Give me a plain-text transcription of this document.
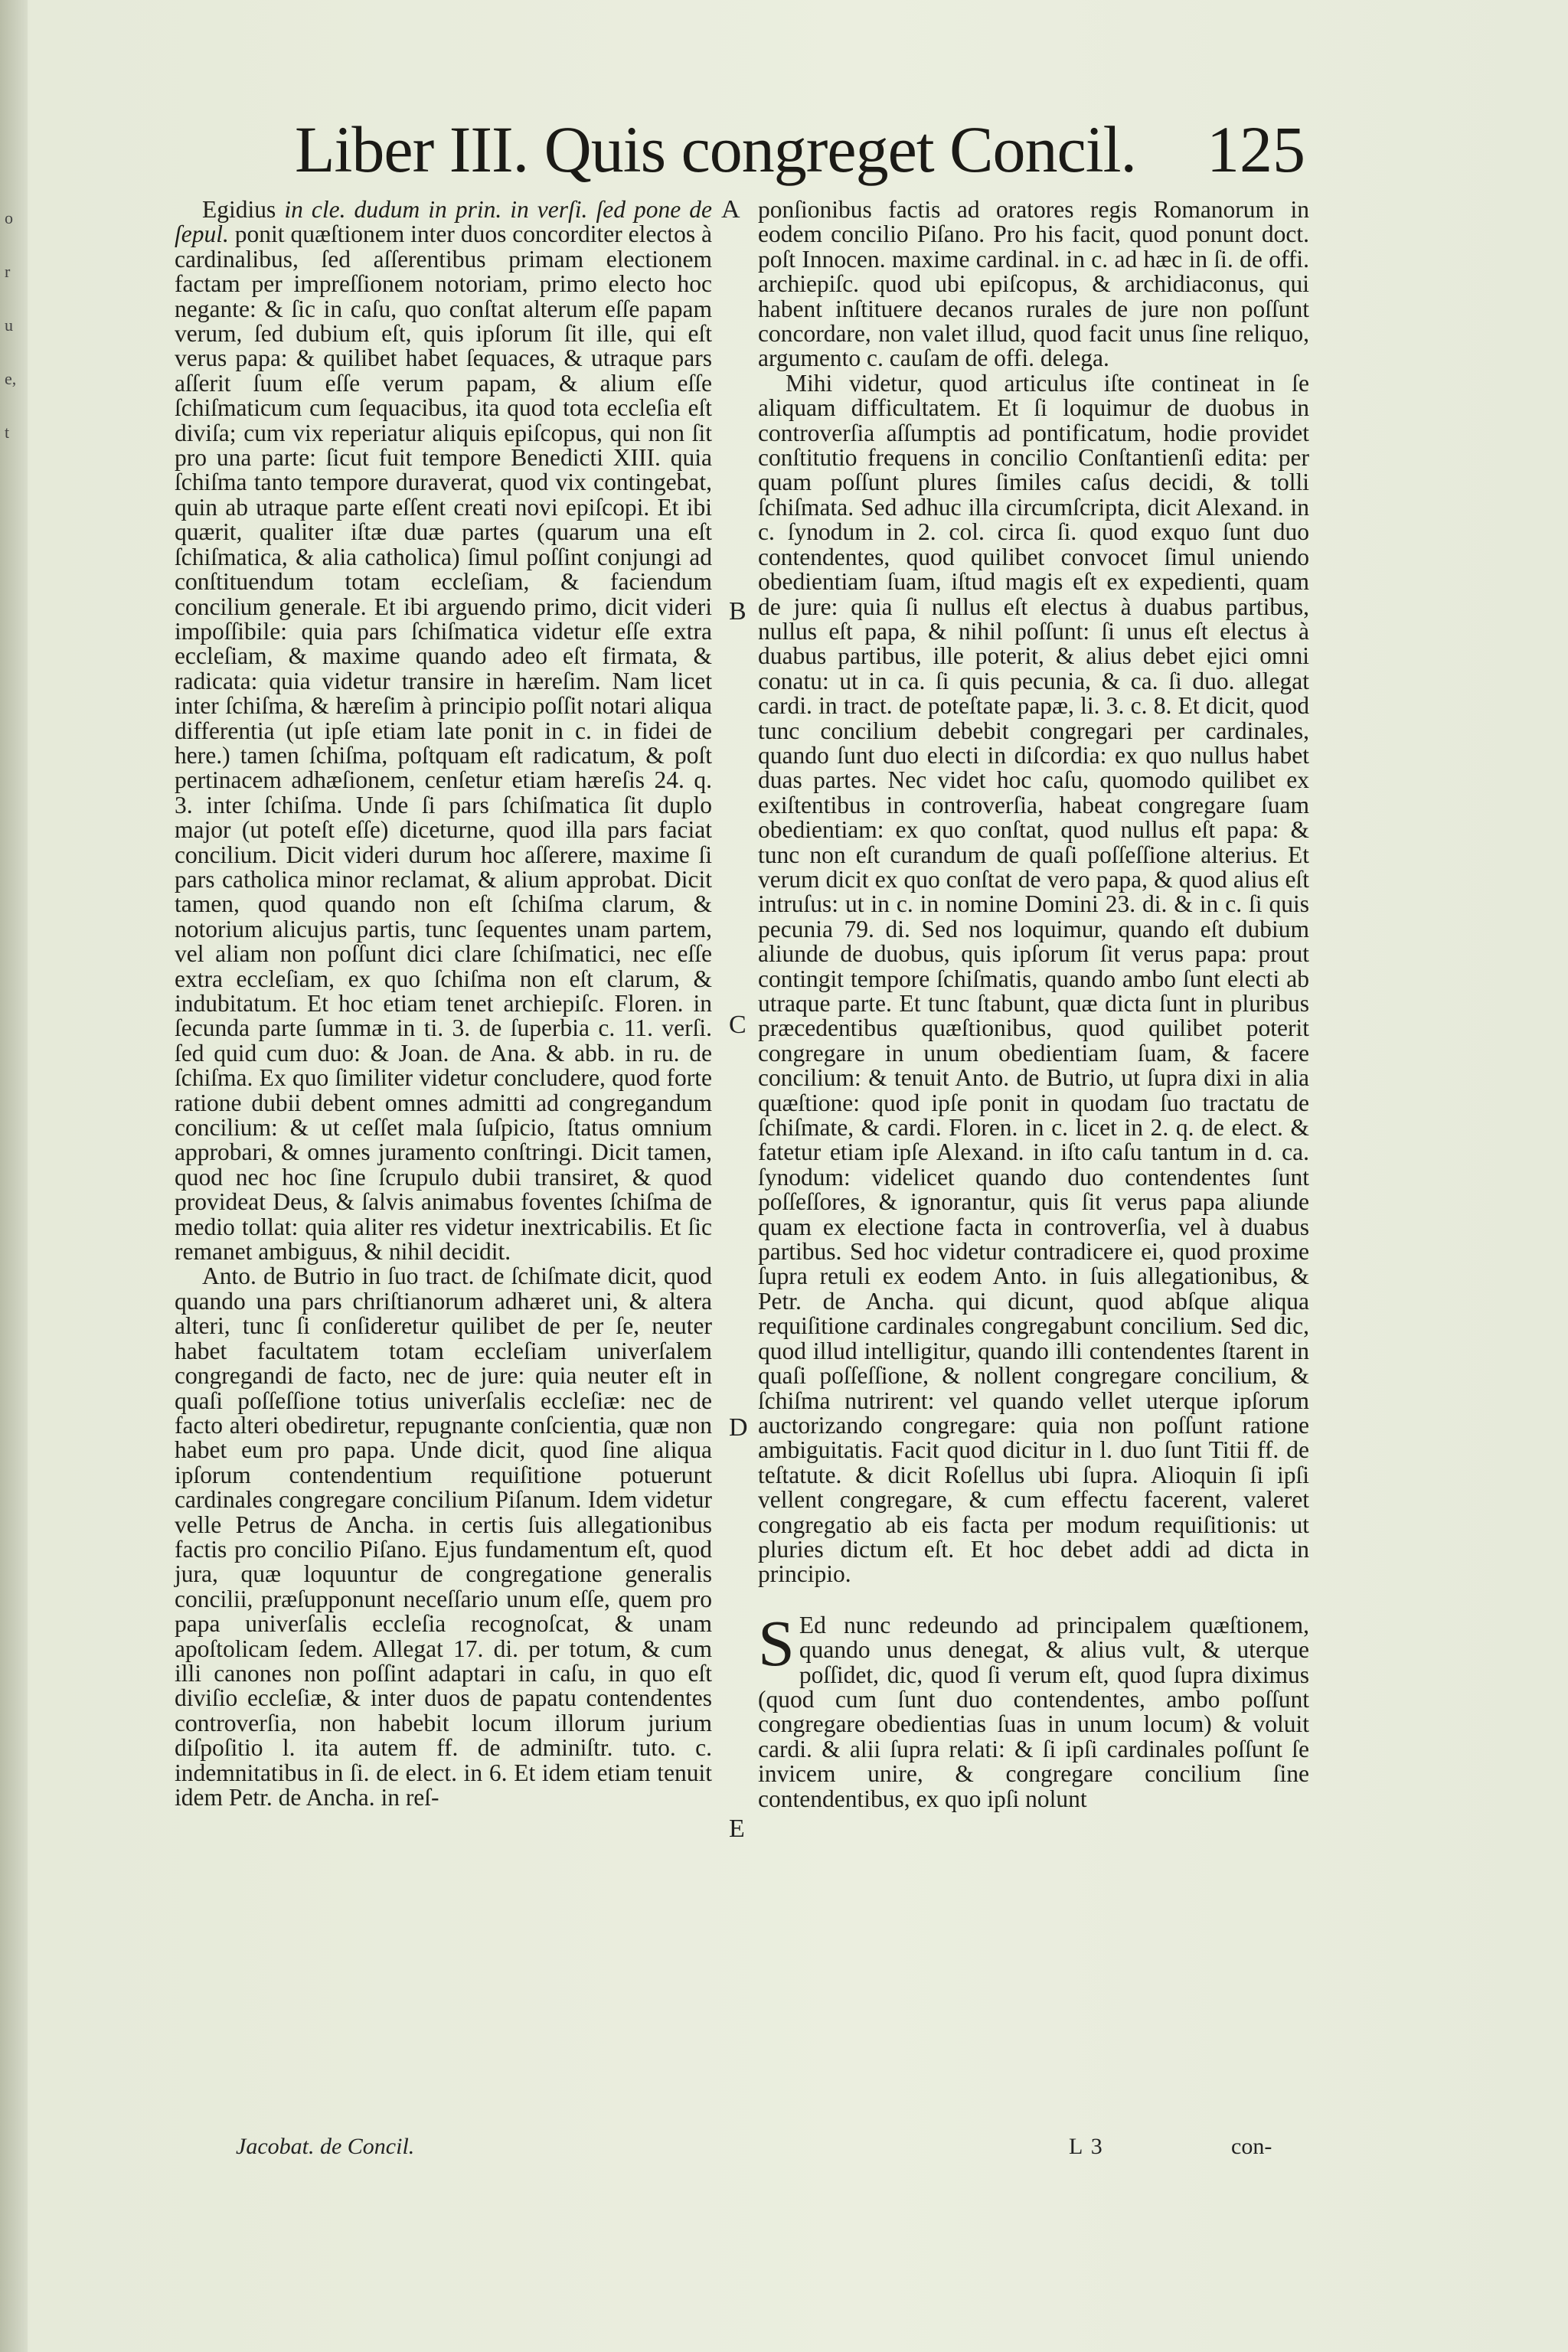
o
r
u
e,
t
Liber III. Quis congreget Concil. 125

Egidius in cle. dudum in prin. in verſi. ſed pone de ſepul. ponit quæſtionem inter duos concorditer electos à cardinalibus, ſed aſſerentibus primam electionem factam per impreſſionem notoriam, primo electo hoc negante: & ſic in caſu, quo conſtat alterum eſſe papam verum, ſed dubium eſt, quis ipſorum ſit ille, qui eſt verus papa: & quilibet habet ſequaces, & utraque pars aſſerit ſuum eſſe verum papam, & alium eſſe ſchiſmaticum cum ſequacibus, ita quod tota eccleſia eſt diviſa; cum vix reperiatur aliquis epiſcopus, qui non ſit pro una parte: ſicut fuit tempore Benedicti XIII. quia ſchiſma tanto tempore duraverat, quod vix contingebat, quin ab utraque parte eſſent creati novi epiſcopi. Et ibi quærit, qualiter iſtæ duæ partes (quarum una eſt ſchiſmatica, & alia catholica) ſimul poſſint conjungi ad conſtituendum totam eccleſiam, & faciendum concilium generale. Et ibi arguendo primo, dicit videri impoſſibile: quia pars ſchiſmatica videtur eſſe extra eccleſiam, & maxime quando adeo eſt firmata, & radicata: quia videtur transire in hæreſim. Nam licet inter ſchiſma, & hæreſim à principio poſſit notari aliqua differentia (ut ipſe etiam late ponit in c. in fidei de here.) tamen ſchiſma, poſtquam eſt radicatum, & poſt pertinacem adhæſionem, cenſetur etiam hæreſis 24. q. 3. inter ſchiſma. Unde ſi pars ſchiſmatica ſit duplo major (ut poteſt eſſe) diceturne, quod illa pars faciat concilium. Dicit videri durum hoc aſſerere, maxime ſi pars catholica minor reclamat, & alium approbat. Dicit tamen, quod quando non eſt ſchiſma clarum, & notorium alicujus partis, tunc ſequentes unam partem, vel aliam non poſſunt dici clare ſchiſmatici, nec eſſe extra eccleſiam, ex quo ſchiſma non eſt clarum, & indubitatum. Et hoc etiam tenet archiepiſc. Floren. in ſecunda parte ſummæ in ti. 3. de ſuperbia c. 11. verſi. ſed quid cum duo: & Joan. de Ana. & abb. in ru. de ſchiſma. Ex quo ſimiliter videtur concludere, quod forte ratione dubii debent omnes admitti ad congregandum concilium: & ut ceſſet mala ſuſpicio, ſtatus omnium approbari, & omnes juramento conſtringi. Dicit tamen, quod nec hoc ſine ſcrupulo dubii transiret, & quod provideat Deus, & ſalvis animabus foventes ſchiſma de medio tollat: quia aliter res videtur inextricabilis. Et ſic remanet ambiguus, & nihil decidit.

Anto. de Butrio in ſuo tract. de ſchiſmate dicit, quod quando una pars chriſtianorum adhæret uni, & altera alteri, tunc ſi conſideretur quilibet de per ſe, neuter habet facultatem totam eccleſiam univerſalem congregandi de facto, nec de jure: quia neuter eſt in quaſi poſſeſſione totius univerſalis eccleſiæ: nec de facto alteri obediretur, repugnante conſcientia, quæ non habet eum pro papa. Unde dicit, quod ſine aliqua ipſorum contendentium requiſitione potuerunt cardinales congregare concilium Piſanum. Idem videtur velle Petrus de Ancha. in certis ſuis allegationibus factis pro concilio Piſano. Ejus fundamentum eſt, quod jura, quæ loquuntur de congregatione generalis concilii, præſupponunt neceſſario unum eſſe, quem pro papa univerſalis eccleſia recognoſcat, & unam apoſtolicam ſedem. Allegat 17. di. per totum, & cum illi canones non poſſint adaptari in caſu, in quo eſt diviſio eccleſiæ, & inter duos de papatu contendentes controverſia, non habebit locum illorum jurium diſpoſitio l. ita autem ff. de adminiſtr. tuto. c. indemnitatibus in ſi. de elect. in 6. Et idem etiam tenuit idem Petr. de Ancha. in reſ-

ponſionibus factis ad oratores regis Romanorum in eodem concilio Piſano. Pro his facit, quod ponunt doct. poſt Innocen. maxime cardinal. in c. ad hæc in ſi. de offi. archiepiſc. quod ubi epiſcopus, & archidiaconus, qui habent inſtituere decanos rurales de jure non poſſunt concordare, non valet illud, quod facit unus ſine reliquo, argumento c. cauſam de offi. delega.

Mihi videtur, quod articulus iſte contineat in ſe aliquam difficultatem. Et ſi loquimur de duobus in controverſia aſſumptis ad pontificatum, hodie providet conſtitutio frequens in concilio Conſtantienſi edita: per quam poſſunt plures ſimiles caſus decidi, & tolli ſchiſmata. Sed adhuc illa circumſcripta, dicit Alexand. in c. ſynodum in 2. col. circa ſi. quod exquo ſunt duo contendentes, quod quilibet convocet ſimul uniendo obedientiam ſuam, iſtud magis eſt ex expedienti, quam de jure: quia ſi nullus eſt electus à duabus partibus, nullus eſt papa, & nihil poſſunt: ſi unus eſt electus à duabus partibus, ille poterit, & alius debet ejici omni conatu: ut in ca. ſi quis pecunia, & ca. ſi duo. allegat cardi. in tract. de poteſtate papæ, li. 3. c. 8. Et dicit, quod tunc concilium debebit congregari per cardinales, quando ſunt duo electi in diſcordia: ex quo nullus habet duas partes. Nec videt hoc caſu, quomodo quilibet ex exiſtentibus in controverſia, habeat congregare ſuam obedientiam: ex quo conſtat, quod nullus eſt papa: & tunc non eſt curandum de quaſi poſſeſſione alterius. Et verum dicit ex quo conſtat de vero papa, & quod alius eſt intruſus: ut in c. in nomine Domini 23. di. & in c. ſi quis pecunia 79. di. Sed nos loquimur, quando eſt dubium aliunde de duobus, quis ipſorum ſit verus papa: prout contingit tempore ſchiſmatis, quando ambo ſunt electi ab utraque parte. Et tunc ſtabunt, quæ dicta ſunt in pluribus præcedentibus quæſtionibus, quod quilibet poterit congregare in unum obedientiam ſuam, & facere concilium: & tenuit Anto. de Butrio, ut ſupra dixi in alia quæſtione: quod ipſe ponit in quodam ſuo tractatu de ſchiſmate, & cardi. Floren. in c. licet in 2. q. de elect. & fatetur etiam ipſe Alexand. in iſto caſu tantum in d. ca. ſynodum: videlicet quando duo contendentes ſunt poſſeſſores, & ignorantur, quis ſit verus papa aliunde quam ex electione facta in controverſia, vel à duabus partibus. Sed hoc videtur contradicere ei, quod proxime ſupra retuli ex eodem Anto. in ſuis allegationibus, & Petr. de Ancha. qui dicunt, quod abſque aliqua requiſitione cardinales congregabunt concilium. Sed dic, quod illud intelligitur, quando illi contendentes ſtarent in quaſi poſſeſſione, & nollent congregare concilium, & ſchiſma nutrirent: vel quando vellet uterque ipſorum auctorizando congregare: quia non poſſunt ratione ambiguitatis. Facit quod dicitur in l. duo ſunt Titii ff. de teſtatute. & dicit Roſellus ubi ſupra. Alioquin ſi ipſi vellent congregare, & cum effectu facerent, valeret congregatio ab eis facta per modum requiſitionis: ut pluries dictum eſt. Et hoc debet addi ad dicta in principio.

S Ed nunc redeundo ad principalem quæſtionem, quando unus denegat, & alius vult, & uterque poſſidet, dic, quod ſi verum eſt, quod ſupra diximus (quod cum ſunt duo contendentes, ambo poſſunt congregare obedientias ſuas in unum locum) & voluit cardi. & alii ſupra relati: & ſi ipſi cardinales poſſunt ſe invicem unire, & congregare concilium ſine contendentibus, ex quo ipſi nolunt

A
B
C
D
E
Jacobat. de Concil.	L 3	con-
